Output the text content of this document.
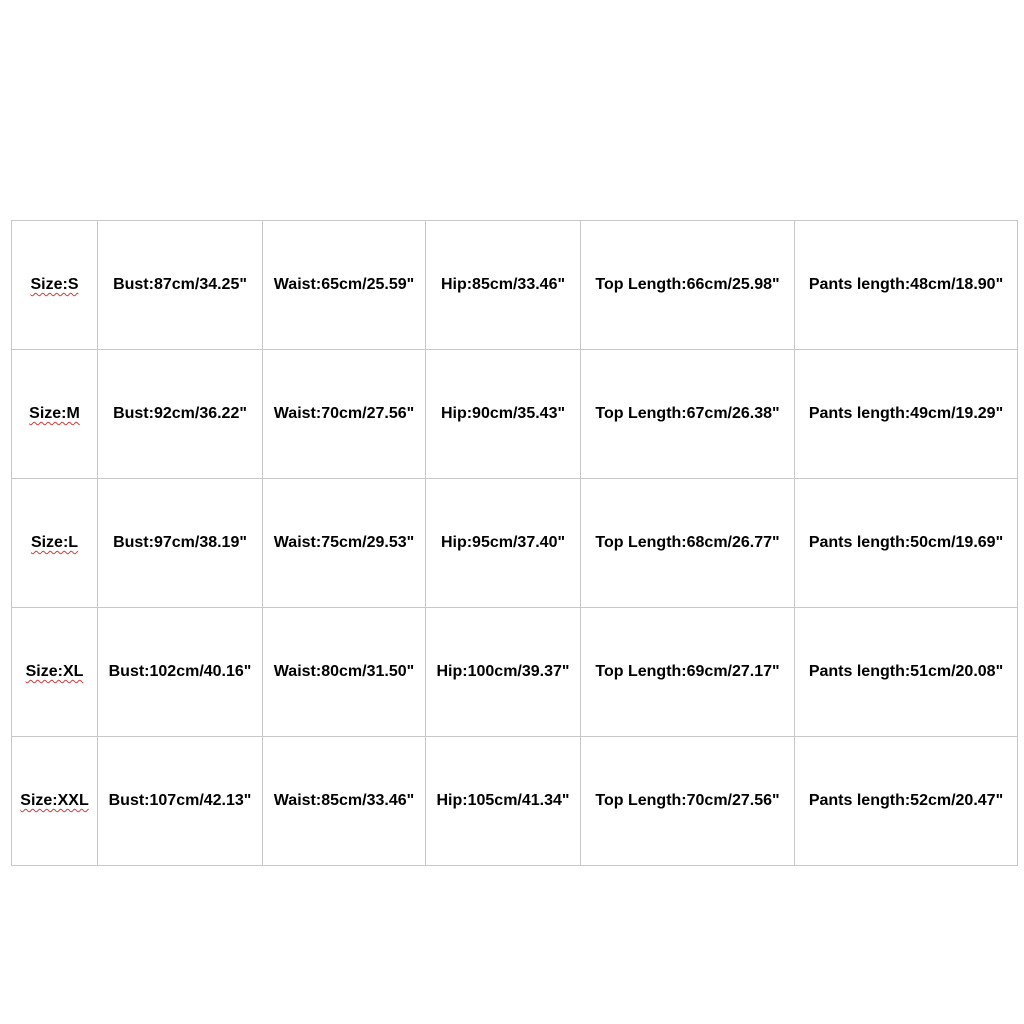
Size:S	Bust:87cm/34.25"	Waist:65cm/25.59"	Hip:85cm/33.46"	Top Length:66cm/25.98"	Pants length:48cm/18.90"
Size:M	Bust:92cm/36.22"	Waist:70cm/27.56"	Hip:90cm/35.43"	Top Length:67cm/26.38"	Pants length:49cm/19.29"
Size:L	Bust:97cm/38.19"	Waist:75cm/29.53"	Hip:95cm/37.40"	Top Length:68cm/26.77"	Pants length:50cm/19.69"
Size:XL	Bust:102cm/40.16"	Waist:80cm/31.50"	Hip:100cm/39.37"	Top Length:69cm/27.17"	Pants length:51cm/20.08"
Size:XXL	Bust:107cm/42.13"	Waist:85cm/33.46"	Hip:105cm/41.34"	Top Length:70cm/27.56"	Pants length:52cm/20.47"
